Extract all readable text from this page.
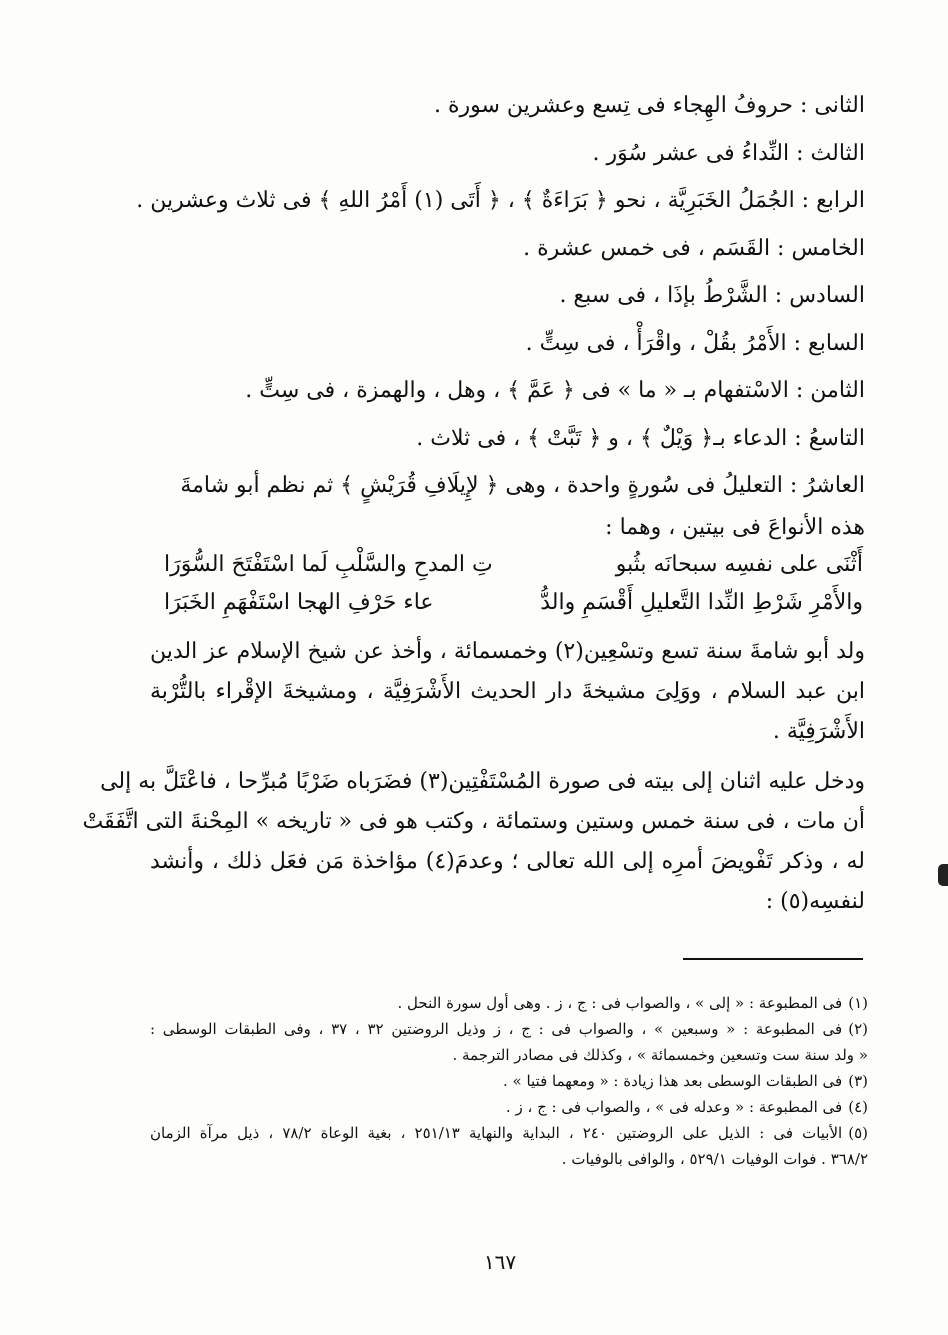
الثانى : حروفُ الهِجاء فى تِسع وعشرين سورة .
الثالث : النِّداءُ فى عشر سُوَر .
الرابع : الجُمَلُ الخَبَرِيَّة ، نحو ﴿ بَرَاءَةٌ ﴾ ، ﴿ أَتَى (١) أَمْرُ اللهِ ﴾ فى ثلاث وعشرين .
الخامس : القَسَم ، فى خمس عشرة .
السادس : الشَّرْطُ بإذَا ، فى سبع .
السابع : الأَمْرُ بقُلْ ، واقْرَأْ ، فى سِتٍّ .
الثامن : الاسْتفهام بـ « ما » فى ﴿ عَمَّ ﴾ ، وهل ، والهمزة ، فى سِتٍّ .
التاسعُ : الدعاء بـ﴿ وَيْلٌ ﴾ ، و ﴿ تَبَّتْ ﴾ ، فى ثلاث .
العاشرُ : التعليلُ فى سُورةٍ واحدة ، وهى ﴿ لإِيلَافِ قُرَيْشٍ ﴾ ثم نظم أبو شامةَ
هذه الأنواعَ فى بيتين ، وهما :
أَثْنَى على نفسِه سبحانَه بثُبو
تِ المدحِ والسَّلْبِ لَما اسْتَفْتَحَ السُّوَرَا
والأَمْرِ شَرْطِ النِّدا التَّعليلِ أَقْسَمِ والدُّ
عاء حَرْفِ الهجا اسْتَفْهَمِ الخَبَرَا
ولد أبو شامةَ سنة تسع وتسْعِين(٢) وخمسمائة ، وأخذ عن شيخ الإسلام عز الدين
ابن عبد السلام ، ووَلِىَ مشيخةَ دار الحديث الأَشْرَفِيَّة ، ومشيخةَ الإقْراء بالتُّرْبة
الأَشْرَفِيَّة .
ودخل عليه اثنان إلى بيته فى صورة المُسْتَفْتِين(٣) فضَرَباه ضَرْبًا مُبرِّحا ، فاعْتَلَّ به إلى
أن مات ، فى سنة خمس وستين وستمائة ، وكتب هو فى « تاريخه » المِحْنةَ التى اتَّفَقَتْ
له ، وذكر تَفْويضَ أمرِه إلى الله تعالى ؛ وعدمَ(٤) مؤاخذة مَن فعَل ذلك ، وأنشد
لنفسِه(٥) :
(١)فى المطبوعة : « إلى » ، والصواب فى : ج ، ز . وهى أول سورة النحل .
(٢)فى المطبوعة : « وسبعين » ، والصواب فى : ج ، ز وذيل الروضتين ٣٢ ، ٣٧ ، وفى الطبقات الوسطى :
« ولد سنة ست وتسعين وخمسمائة » ، وكذلك فى مصادر الترجمة .
(٣)فى الطبقات الوسطى بعد هذا زيادة : « ومعهما فتيا » .
(٤)فى المطبوعة : « وعدله فى » ، والصواب فى : ج ، ز .
(٥)الأبيات فى : الذيل على الروضتين ٢٤٠ ، البداية والنهاية ٢٥١/١٣ ، بغية الوعاة ٧٨/٢ ، ذيل مرآة الزمان
٣٦٨/٢ . فوات الوفيات ٥٢٩/١ ، والوافى بالوفيات .
١٦٧
